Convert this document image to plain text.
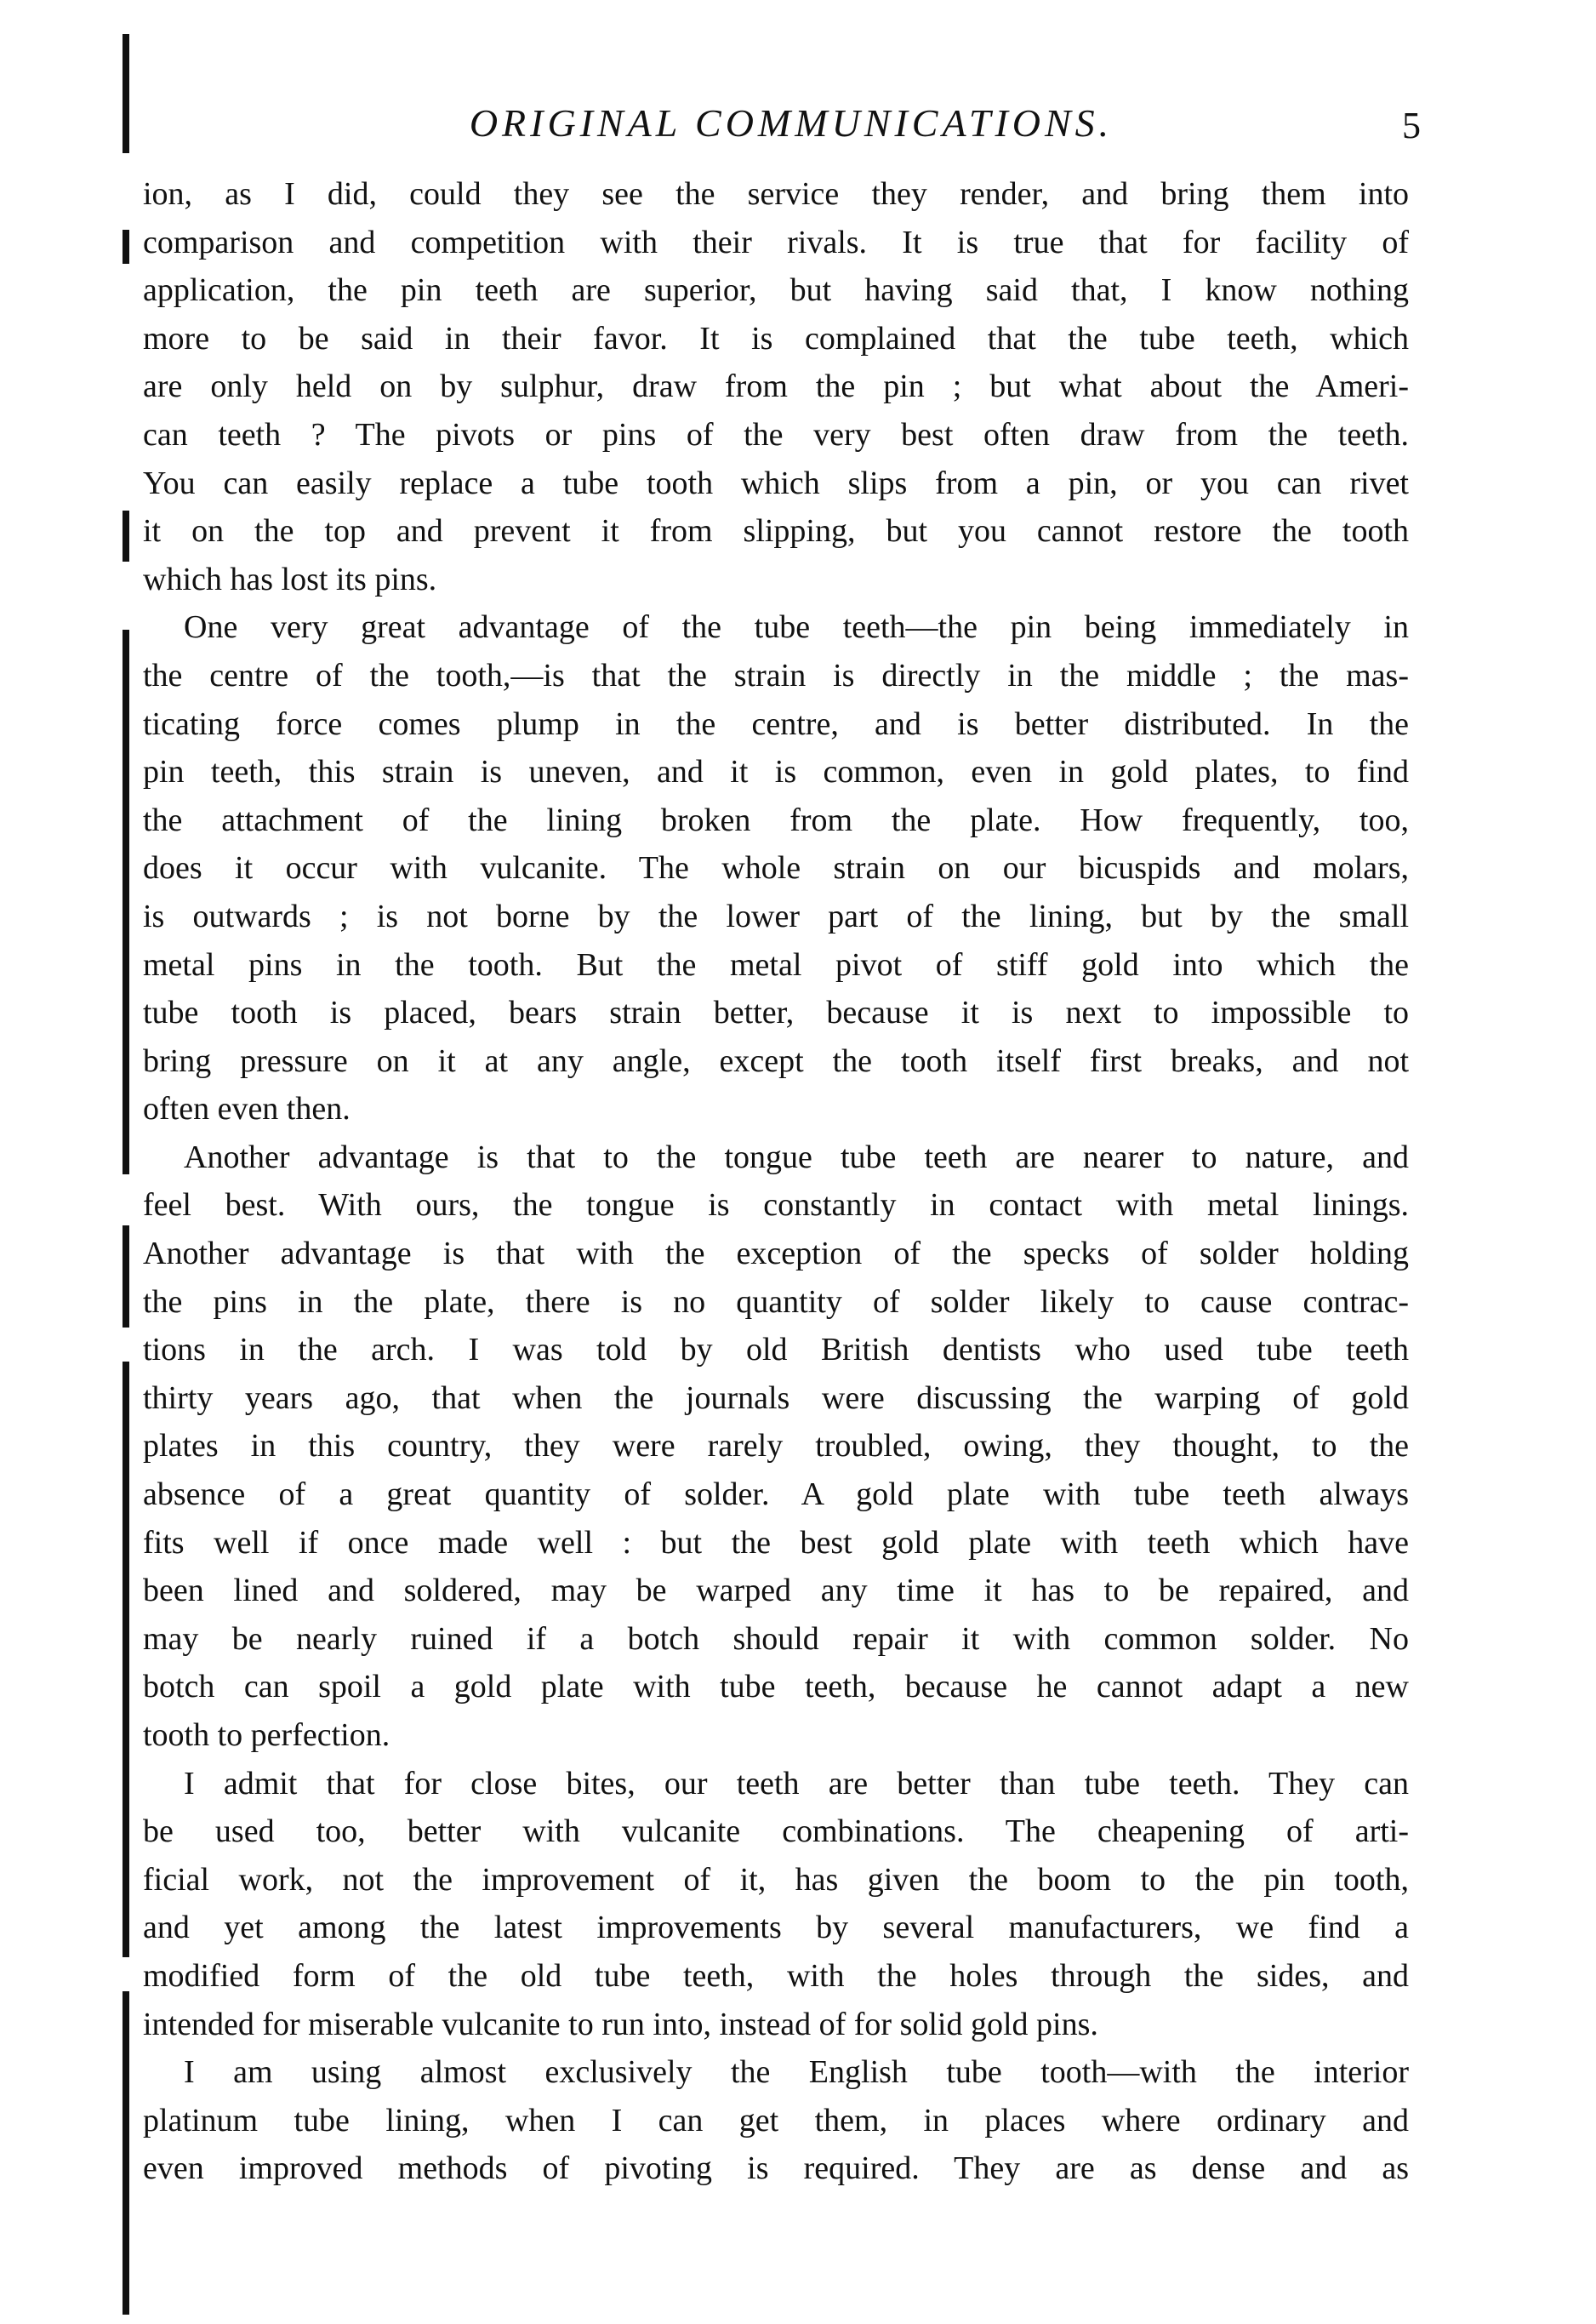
ORIGINAL COMMUNICATIONS.	5
ion, as I did, could they see the service they render, and bring them into
comparison and competition with their rivals. It is true that for facility of
application, the pin teeth are superior, but having said that, I know nothing
more to be said in their favor. It is complained that the tube teeth, which
are only held on by sulphur, draw from the pin ; but what about the Ameri-
can teeth ? The pivots or pins of the very best often draw from the teeth.
You can easily replace a tube tooth which slips from a pin, or you can rivet
it on the top and prevent it from slipping, but you cannot restore the tooth
which has lost its pins.
One very great advantage of the tube teeth—the pin being immediately in
the centre of the tooth,—is that the strain is directly in the middle ; the mas-
ticating force comes plump in the centre, and is better distributed. In the
pin teeth, this strain is uneven, and it is common, even in gold plates, to find
the attachment of the lining broken from the plate. How frequently, too,
does it occur with vulcanite. The whole strain on our bicuspids and molars,
is outwards ; is not borne by the lower part of the lining, but by the small
metal pins in the tooth. But the metal pivot of stiff gold into which the
tube tooth is placed, bears strain better, because it is next to impossible to
bring pressure on it at any angle, except the tooth itself first breaks, and not
often even then.
Another advantage is that to the tongue tube teeth are nearer to nature, and
feel best. With ours, the tongue is constantly in contact with metal linings.
Another advantage is that with the exception of the specks of solder holding
the pins in the plate, there is no quantity of solder likely to cause contrac-
tions in the arch. I was told by old British dentists who used tube teeth
thirty years ago, that when the journals were discussing the warping of gold
plates in this country, they were rarely troubled, owing, they thought, to the
absence of a great quantity of solder. A gold plate with tube teeth always
fits well if once made well : but the best gold plate with teeth which have
been lined and soldered, may be warped any time it has to be repaired, and
may be nearly ruined if a botch should repair it with common solder. No
botch can spoil a gold plate with tube teeth, because he cannot adapt a new
tooth to perfection.
I admit that for close bites, our teeth are better than tube teeth. They can
be used too, better with vulcanite combinations. The cheapening of arti-
ficial work, not the improvement of it, has given the boom to the pin tooth,
and yet among the latest improvements by several manufacturers, we find a
modified form of the old tube teeth, with the holes through the sides, and
intended for miserable vulcanite to run into, instead of for solid gold pins.
I am using almost exclusively the English tube tooth—with the interior
platinum tube lining, when I can get them, in places where ordinary and
even improved methods of pivoting is required. They are as dense and as
